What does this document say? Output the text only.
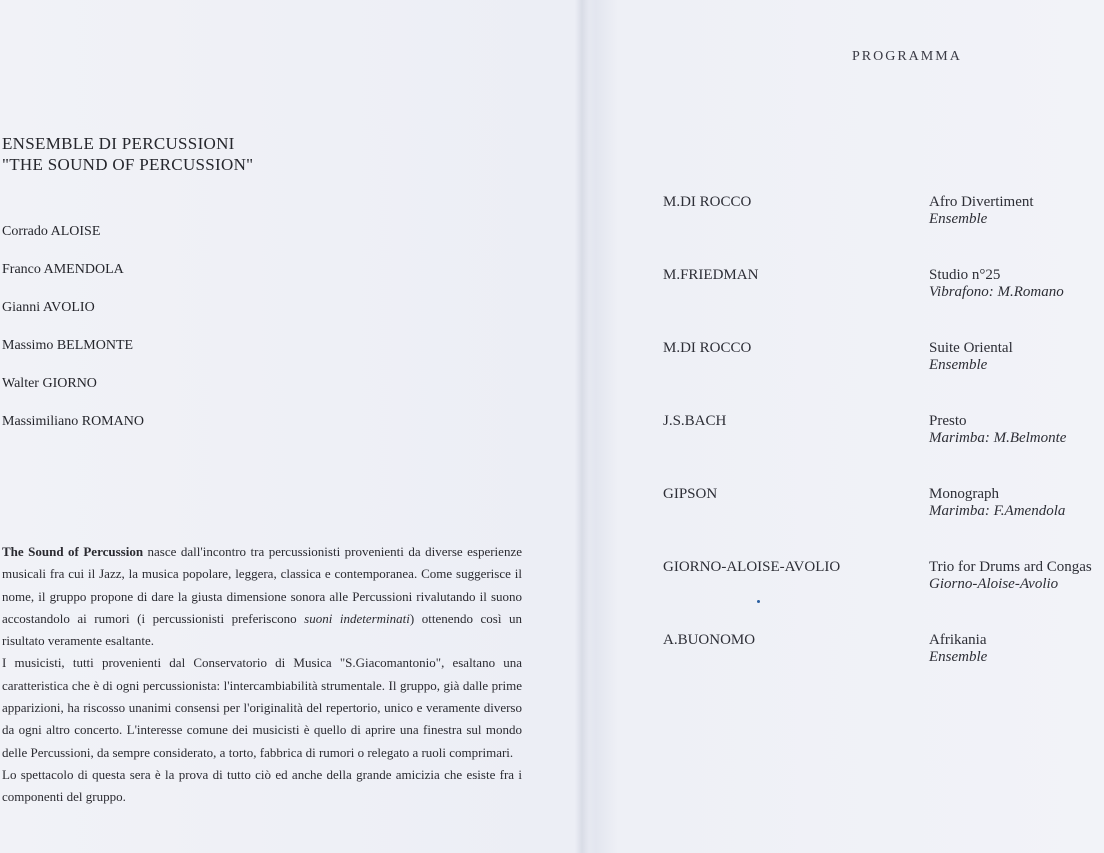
ENSEMBLE DI PERCUSSIONI
"THE SOUND OF PERCUSSION"
Corrado ALOISE
Franco AMENDOLA
Gianni AVOLIO
Massimo BELMONTE
Walter GIORNO
Massimiliano ROMANO

The Sound of Percussion nasce dall'incontro tra percussionisti provenienti da diverse esperienze musicali fra cui il Jazz, la musica popolare, leggera, classica e contemporanea. Come suggerisce il nome, il gruppo propone di dare la giusta dimensione sonora alle Percussioni rivalutando il suono accostandolo ai rumori (i percussionisti preferiscono suoni indeterminati) ottenendo così un risultato veramente esaltante.

I musicisti, tutti provenienti dal Conservatorio di Musica "S.Giacomantonio", esaltano una caratteristica che è di ogni percussionista: l'intercambiabilità strumentale. Il gruppo, già dalle prime apparizioni, ha riscosso unanimi consensi per l'originalità del repertorio, unico e veramente diverso da ogni altro concerto. L'interesse comune dei musicisti è quello di aprire una finestra sul mondo delle Percussioni, da sempre considerato, a torto, fabbrica di rumori o relegato a ruoli comprimari.

Lo spettacolo di questa sera è la prova di tutto ciò ed anche della grande amicizia che esiste fra i componenti del gruppo.

PROGRAMMA
M.DI ROCCO	Afro Divertiment
Ensemble
M.FRIEDMAN	Studio n°25
Vibrafono: M.Romano
M.DI ROCCO	Suite Oriental
Ensemble
J.S.BACH	Presto
Marimba: M.Belmonte
GIPSON	Monograph
Marimba: F.Amendola
GIORNO-ALOISE-AVOLIO	Trio for Drums ard Congas
Giorno-Aloise-Avolio
A.BUONOMO	Afrikania
Ensemble
